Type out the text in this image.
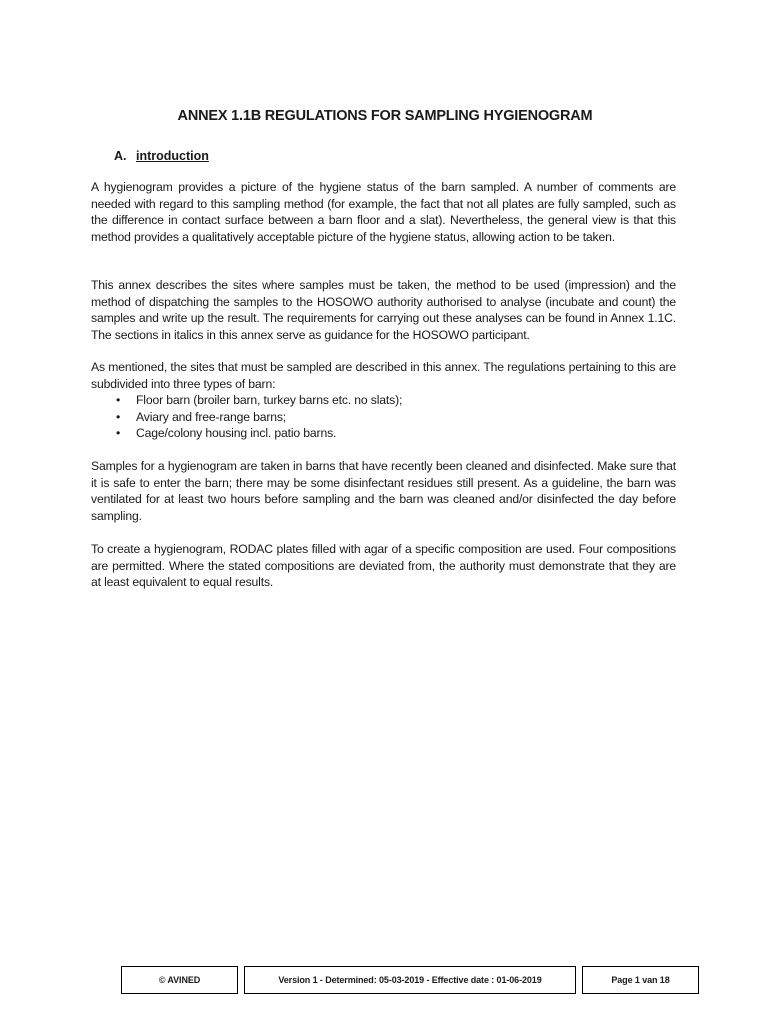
ANNEX 1.1B REGULATIONS FOR SAMPLING HYGIENOGRAM
A. introduction

A hygienogram provides a picture of the hygiene status of the barn sampled. A number of comments are needed with regard to this sampling method (for example, the fact that not all plates are fully sampled, such as the difference in contact surface between a barn floor and a slat). Nevertheless, the general view is that this method provides a qualitatively acceptable picture of the hygiene status, allowing action to be taken.

This annex describes the sites where samples must be taken, the method to be used (impression) and the method of dispatching the samples to the HOSOWO authority authorised to analyse (incubate and count) the samples and write up the result. The requirements for carrying out these analyses can be found in Annex 1.1C. The sections in italics in this annex serve as guidance for the HOSOWO participant.

As mentioned, the sites that must be sampled are described in this annex. The regulations pertaining to this are subdivided into three types of barn:

• Floor barn (broiler barn, turkey barns etc. no slats);
• Aviary and free-range barns;
• Cage/colony housing incl. patio barns.

Samples for a hygienogram are taken in barns that have recently been cleaned and disinfected. Make sure that it is safe to enter the barn; there may be some disinfectant residues still present. As a guideline, the barn was ventilated for at least two hours before sampling and the barn was cleaned and/or disinfected the day before sampling.

To create a hygienogram, RODAC plates filled with agar of a specific composition are used. Four compositions are permitted. Where the stated compositions are deviated from, the authority must demonstrate that they are at least equivalent to equal results.

© AVINED	Version 1 - Determined: 05-03-2019 - Effective date : 01-06-2019	Page 1 van 18
